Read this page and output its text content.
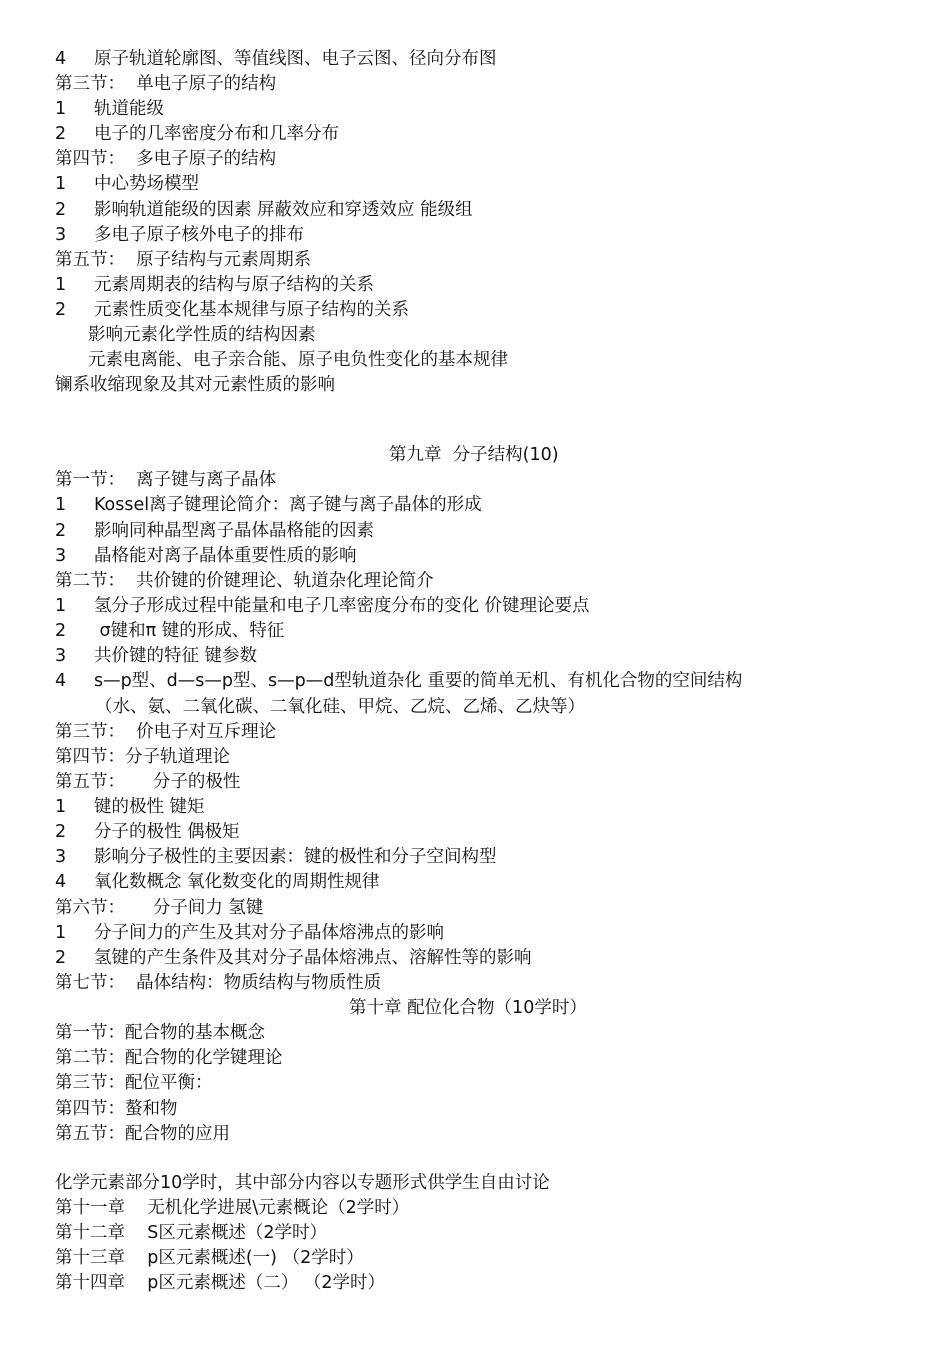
4     原子轨道轮廓图、等值线图、电子云图、径向分布图
第三节：  单电子原子的结构
1     轨道能级
2     电子的几率密度分布和几率分布
第四节：  多电子原子的结构
1     中心势场模型
2     影响轨道能级的因素 屏蔽效应和穿透效应 能级组
3     多电子原子核外电子的排布
第五节：  原子结构与元素周期系
1     元素周期表的结构与原子结构的关系
2     元素性质变化基本规律与原子结构的关系
影响元素化学性质的结构因素
元素电离能、电子亲合能、原子电负性变化的基本规律
镧系收缩现象及其对元素性质的影响
第九章  分子结构(10)
第一节：  离子键与离子晶体
1     Kossel离子键理论简介：离子键与离子晶体的形成
2     影响同种晶型离子晶体晶格能的因素
3     晶格能对离子晶体重要性质的影响
第二节：  共价键的价键理论、轨道杂化理论简介
1     氢分子形成过程中能量和电子几率密度分布的变化 价键理论要点
2      σ键和π 键的形成、特征
3     共价键的特征 键参数
4     s—p型、d—s—p型、s—p—d型轨道杂化 重要的简单无机、有机化合物的空间结构
（水、氨、二氧化碳、二氧化硅、甲烷、乙烷、乙烯、乙炔等）
第三节：  价电子对互斥理论
第四节：分子轨道理论
第五节：     分子的极性
1     键的极性 键矩
2     分子的极性 偶极矩
3     影响分子极性的主要因素：键的极性和分子空间构型
4     氧化数概念 氧化数变化的周期性规律
第六节：     分子间力 氢键
1     分子间力的产生及其对分子晶体熔沸点的影响
2     氢键的产生条件及其对分子晶体熔沸点、溶解性等的影响
第七节：  晶体结构：物质结构与物质性质
第十章 配位化合物（10学时）
第一节：配合物的基本概念
第二节：配合物的化学键理论
第三节：配位平衡：
第四节：螯和物
第五节：配合物的应用
化学元素部分10学时，其中部分内容以专题形式供学生自由讨论
第十一章    无机化学进展\元素概论（2学时）
第十二章    S区元素概述（2学时）
第十三章    p区元素概述(一) （2学时）
第十四章    p区元素概述（二） （2学时）
